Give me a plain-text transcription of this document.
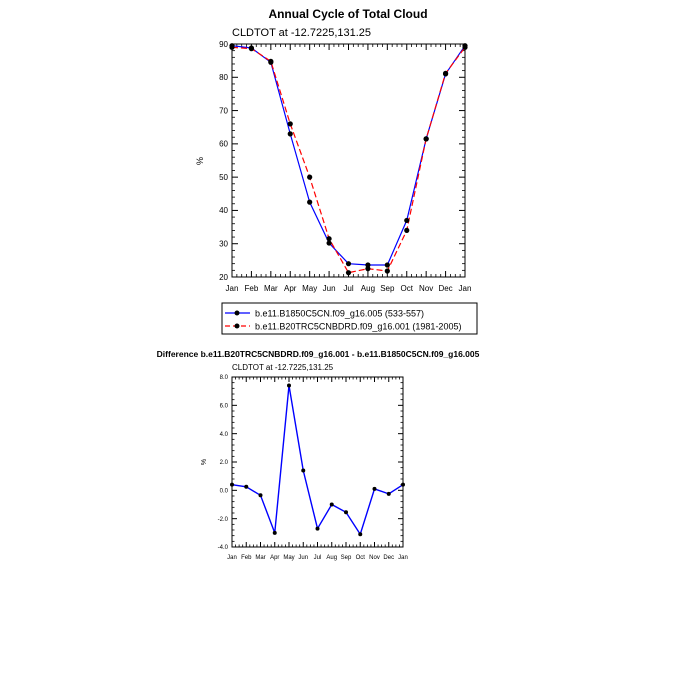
Annual Cycle of Total Cloud
CLDTOT at -12.7225,131.25
%
Difference b.e11.B20TRC5CNBDRD.f09_g16.001 - b.e11.B1850C5CN.f09_g16.005
CLDTOT at -12.7225,131.25
%
20
30
40
50
60
70
80
90
Jan Feb Mar Apr May Jun Jul Aug Sep Oct Nov Dec Jan
b.e11.B1850C5CN.f09_g16.005 (533-557)
b.e11.B20TRC5CNBDRD.f09_g16.001 (1981-2005)
-4.0
-2.0
0.0
2.0
4.0
6.0
8.0
Jan Feb Mar Apr May Jun Jul Aug Sep Oct Nov Dec Jan
